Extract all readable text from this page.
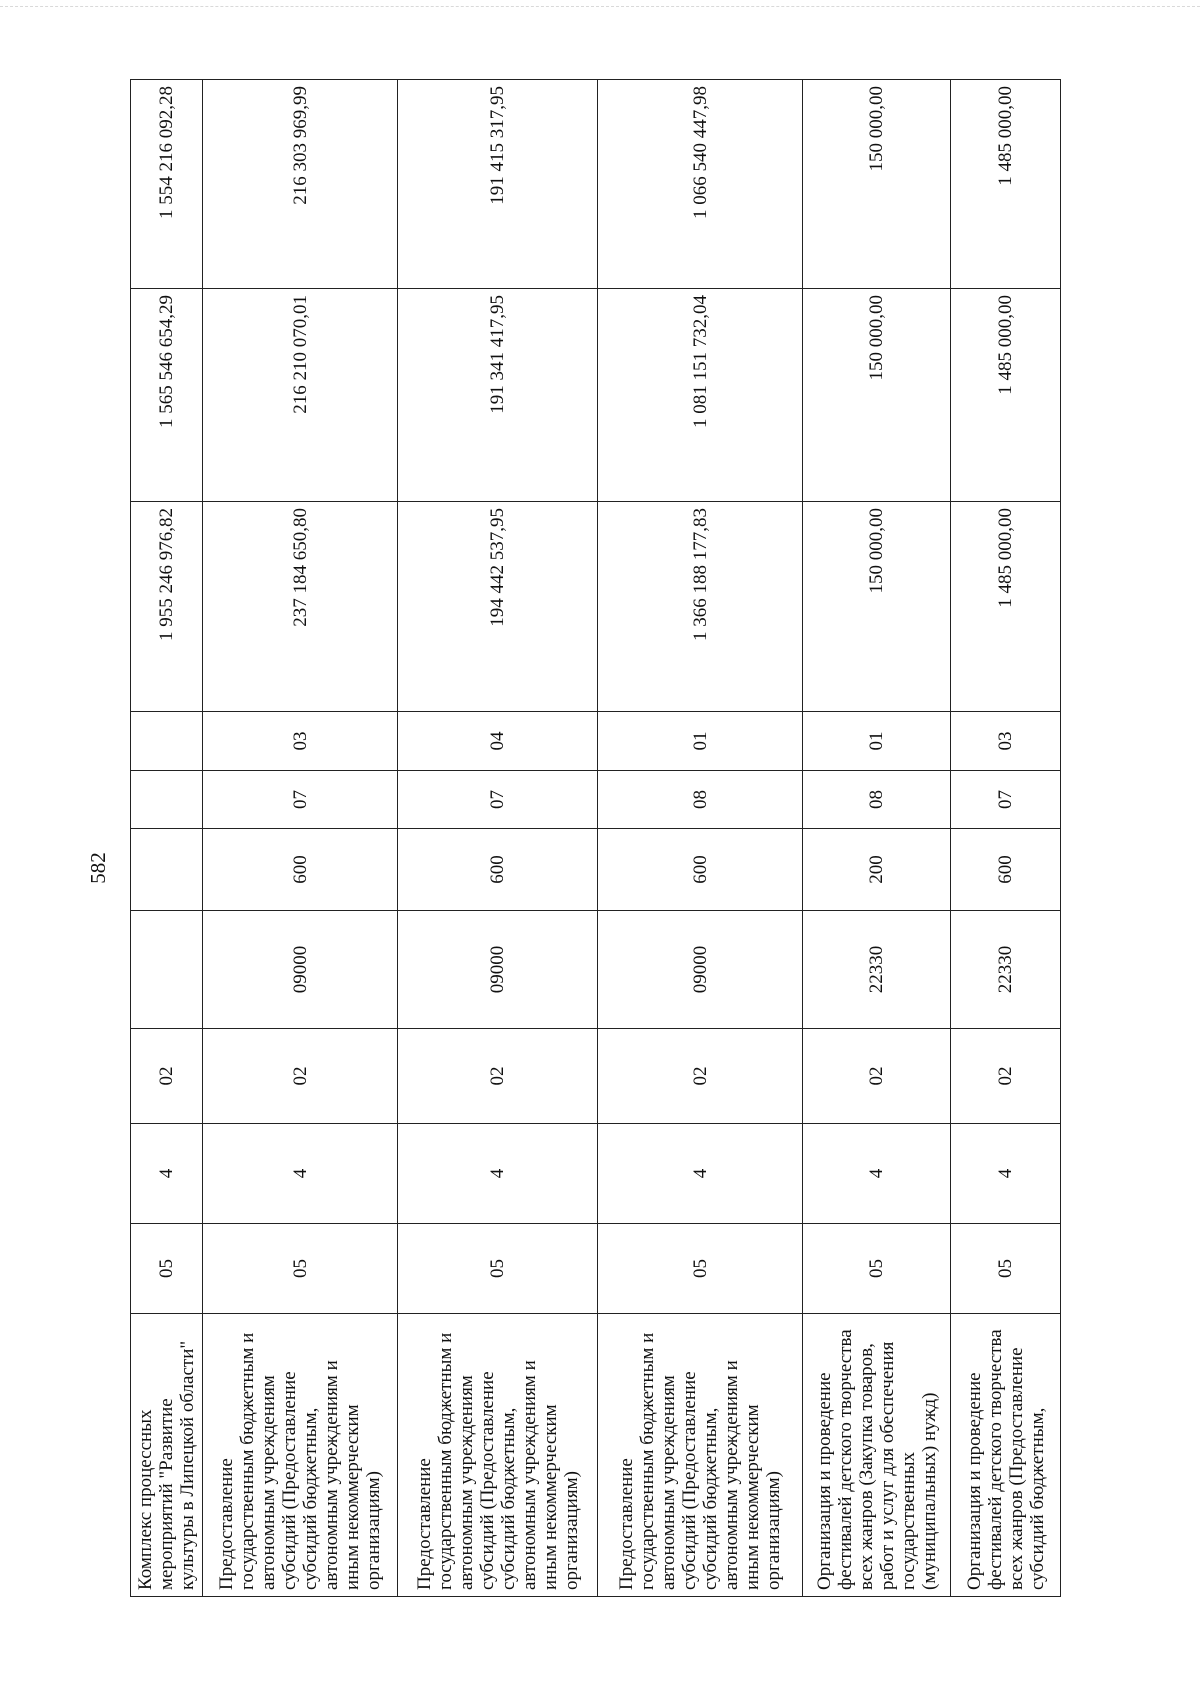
582
Комплекс процессных мероприятий "Развитие культуры в Липецкой области"	05	4	02					1 955 246 976,82	1 565 546 654,29	1 554 216 092,28
Предоставление государственным бюджетным и автономным учреждениям субсидий (Предоставление субсидий бюджетным, автономным учреждениям и иным некоммерческим организациям)	05	4	02	09000	600	07	03	237 184 650,80	216 210 070,01	216 303 969,99
Предоставление государственным бюджетным и автономным учреждениям субсидий (Предоставление субсидий бюджетным, автономным учреждениям и иным некоммерческим организациям)	05	4	02	09000	600	07	04	194 442 537,95	191 341 417,95	191 415 317,95
Предоставление государственным бюджетным и автономным учреждениям субсидий (Предоставление субсидий бюджетным, автономным учреждениям и иным некоммерческим организациям)	05	4	02	09000	600	08	01	1 366 188 177,83	1 081 151 732,04	1 066 540 447,98
Организация и проведение фестивалей детского творчества всех жанров (Закупка товаров, работ и услуг для обеспечения государственных (муниципальных) нужд)	05	4	02	22330	200	08	01	150 000,00	150 000,00	150 000,00
Организация и проведение фестивалей детского творчества всех жанров (Предоставление субсидий бюджетным,	05	4	02	22330	600	07	03	1 485 000,00	1 485 000,00	1 485 000,00
